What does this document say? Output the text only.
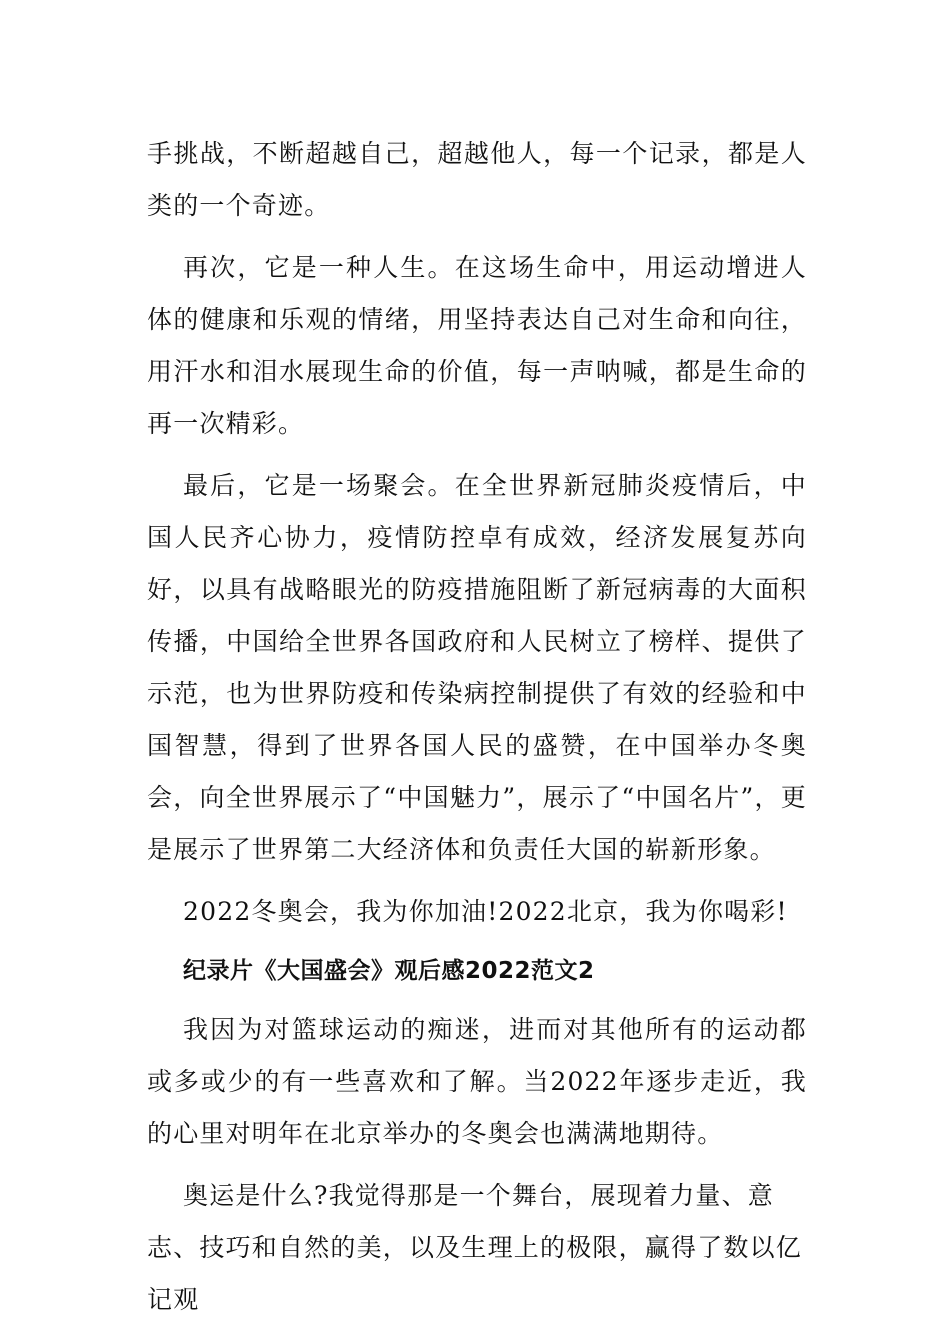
手挑战，不断超越自己，超越他人，每一个记录，都是人类的一个奇迹。

再次，它是一种人生。在这场生命中，用运动增进人体的健康和乐观的情绪，用坚持表达自己对生命和向往，用汗水和泪水展现生命的价值，每一声呐喊，都是生命的再一次精彩。

最后，它是一场聚会。在全世界新冠肺炎疫情后，中国人民齐心协力，疫情防控卓有成效，经济发展复苏向好，以具有战略眼光的防疫措施阻断了新冠病毒的大面积传播，中国给全世界各国政府和人民树立了榜样、提供了示范，也为世界防疫和传染病控制提供了有效的经验和中国智慧，得到了世界各国人民的盛赞，在中国举办冬奥会，向全世界展示了“中国魅力”，展示了“中国名片”，更是展示了世界第二大经济体和负责任大国的崭新形象。

2022冬奥会，我为你加油!2022北京，我为你喝彩!

纪录片《大国盛会》观后感2022范文2

我因为对篮球运动的痴迷，进而对其他所有的运动都或多或少的有一些喜欢和了解。当2022年逐步走近，我的心里对明年在北京举办的冬奥会也满满地期待。

奥运是什么?我觉得那是一个舞台，展现着力量、意志、技巧和自然的美，以及生理上的极限，赢得了数以亿记观
